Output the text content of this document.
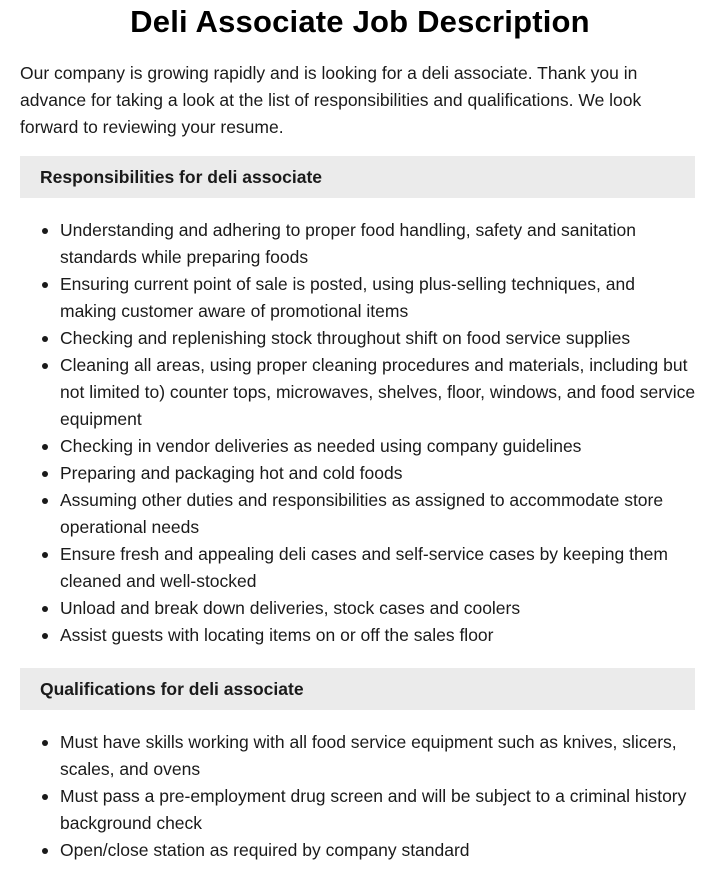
Deli Associate Job Description

Our company is growing rapidly and is looking for a deli associate. Thank you in advance for taking a look at the list of responsibilities and qualifications. We look forward to reviewing your resume.

Responsibilities for deli associate
Understanding and adhering to proper food handling, safety and sanitation standards while preparing foods
Ensuring current point of sale is posted, using plus-selling techniques, and making customer aware of promotional items
Checking and replenishing stock throughout shift on food service supplies
Cleaning all areas, using proper cleaning procedures and materials, including but not limited to) counter tops, microwaves, shelves, floor, windows, and food service equipment
Checking in vendor deliveries as needed using company guidelines
Preparing and packaging hot and cold foods
Assuming other duties and responsibilities as assigned to accommodate store operational needs
Ensure fresh and appealing deli cases and self-service cases by keeping them cleaned and well-stocked
Unload and break down deliveries, stock cases and coolers
Assist guests with locating items on or off the sales floor
Qualifications for deli associate
Must have skills working with all food service equipment such as knives, slicers, scales, and ovens
Must pass a pre-employment drug screen and will be subject to a criminal history background check
Open/close station as required by company standard
